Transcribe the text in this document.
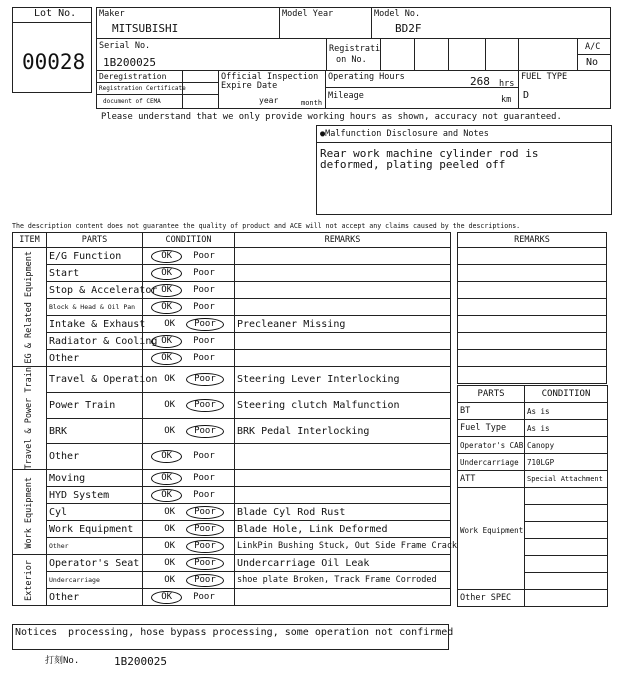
Lot No.
00028
Maker
MITSUBISHI
Model Year	Model No.
BD2F
Serial No.
1B200025
Registrati
on No.
A/C
No
Deregistration
Registration Certificate
document of CEMA
Official Inspection
Expire Date
year	month
Operating Hours	268 hrs
Mileage	km
FUEL TYPE
D
Please understand that we only provide working hours as shown, accuracy not guaranteed.
●Malfunction Disclosure and Notes
Rear work machine cylinder rod is
deformed, plating peeled off
The description content does not guarantee the quality of product and ACE will not accept any claims caused by the descriptions.
ITEM	PARTS	CONDITION	REMARKS

EG & Related Equipment	E/G Function	OK Poor	
	Start	OK Poor	
	Stop & Accelerator	OK Poor	
	Block & Head & Oil Pan	OK Poor	
	Intake & Exhaust	OK Poor	Precleaner Missing
	Radiator & Cooling	OK Poor	
	Other	OK Poor	

Travel & Power Train	Travel & Operation	OK Poor	Steering Lever Interlocking
	Power Train	OK Poor	Steering clutch Malfunction
	BRK	OK Poor	BRK Pedal Interlocking
	Other	OK Poor	

Work Equipment	Moving	OK Poor	
	HYD System	OK Poor	
	Cyl	OK Poor	Blade Cyl Rod Rust
	Work Equipment	OK Poor	Blade Hole, Link Deformed
	Other	OK Poor	LinkPin Bushing Stuck, Out Side Frame Crack

Exterior	Operator's Seat	OK Poor	Undercarriage Oil Leak
	Undercarriage	OK Poor	shoe plate Broken, Track Frame Corroded
	Other	OK Poor	
REMARKS

PARTS	CONDITION
BT	As is
Fuel Type	As is
Operator's CAB	Canopy
Undercarriage	710LGP
ATT	Special Attachment

Work Equipment	

Other SPEC	
Notices processing, hose bypass processing, some operation not confirmed
打刻No.	1B200025
